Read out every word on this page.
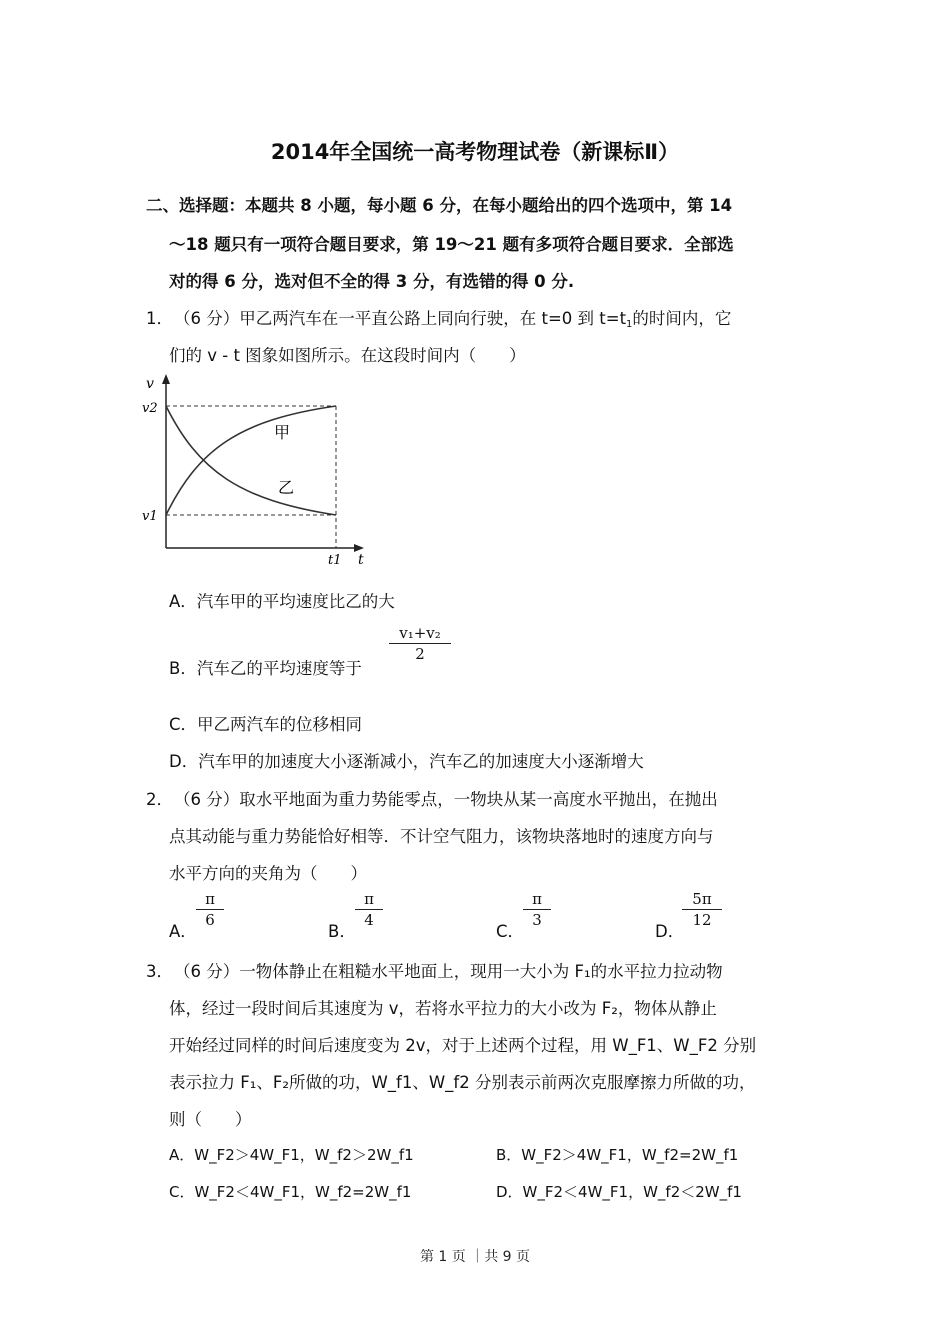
2014年全国统一高考物理试卷（新课标Ⅱ）
二、选择题：本题共 8 小题，每小题 6 分，在每小题给出的四个选项中，第 14
～18 题只有一项符合题目要求，第 19～21 题有多项符合题目要求．全部选
对的得 6 分，选对但不全的得 3 分，有选错的得 0 分.
1． （6 分）甲乙两汽车在一平直公路上同向行驶，在 t=0 到 $t=t_1$的时间内，它
们的 v - t 图象如图所示。在这段时间内（　　）
v
v2
v1
t1 t
甲
乙
A．汽车甲的平均速度比乙的大
B．汽车乙的平均速度等于
$\frac{\text{v₁+v₂}}{2}$
C．甲乙两汽车的位移相同
D．汽车甲的加速度大小逐渐减小，汽车乙的加速度大小逐渐增大
2． （6 分）取水平地面为重力势能零点，一物块从某一高度水平抛出，在抛出
点其动能与重力势能恰好相等．不计空气阻力，该物块落地时的速度方向与
水平方向的夹角为（　　）
A．
$\frac{\pi}{6}$
B．
$\frac{\pi}{4}$
C．
$\frac{\pi}{3}$
D．
$\frac{5\pi}{12}$
3． （6 分）一物体静止在粗糙水平地面上，现用一大小为 F₁的水平拉力拉动物
体，经过一段时间后其速度为 v，若将水平拉力的大小改为 F₂，物体从静止
开始经过同样的时间后速度变为 2v，对于上述两个过程，用 W_F1、W_F2 分别
表示拉力 F₁、F₂所做的功，W_f1、W_f2 分别表示前两次克服摩擦力所做的功，
则（　　）
A．W_F2＞4W_F1，W_f2＞2W_f1	B．W_F2＞4W_F1，W_f2=2W_f1
C．W_F2＜4W_F1，W_f2=2W_f1	D．W_F2＜4W_F1，W_f2＜2W_f1
第 1 页 ｜共 9 页
